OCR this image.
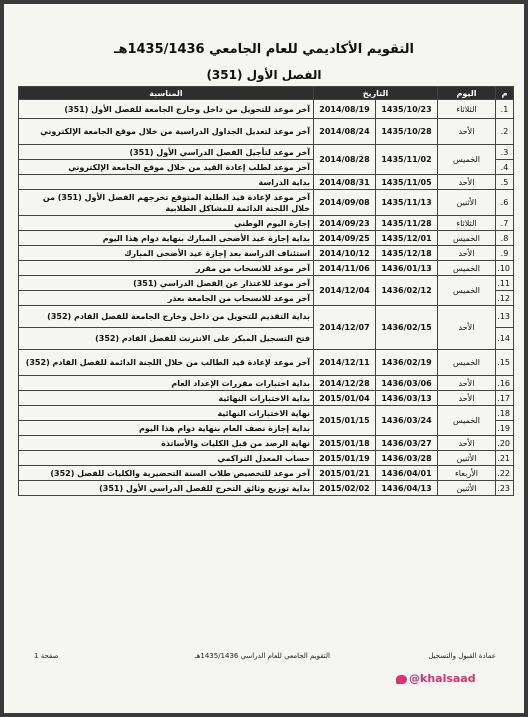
التقويم الأكاديمي للعام الجامعي 1435/1436هـ
الفصل الأول (351)
م	اليوم	التاريخ		المناسبة
1.	الثلاثاء	1435/10/23	2014/08/19	آخر موعد للتحويل من داخل وخارج الجامعة للفصل الأول (351)
2.	الأحد	1435/10/28	2014/08/24	آخر موعد لتعديل الجداول الدراسية من خلال موقع الجامعة الإلكتروني
3.	الخميس	1435/11/02	2014/08/28	آخر موعد لتأجيل الفصل الدراسي الأول (351)
4.				آخر موعد لطلب إعادة القيد من خلال موقع الجامعة الإلكتروني
5.	الأحد	1435/11/05	2014/08/31	بداية الدراسة
6.	الأثنين	1435/11/13	2014/09/08	آخر موعد لإعادة قيد الطلبة المتوقع تخرجهم الفصل الأول (351) من خلال اللجنة الدائمة للمشاكل الطلابية
7.	الثلاثاء	1435/11/28	2014/09/23	إجازة اليوم الوطني
8.	الخميس	1435/12/01	2014/09/25	بداية إجازة عيد الأضحى المبارك بنهاية دوام هذا اليوم
9.	الأحد	1435/12/18	2014/10/12	استئناف الدراسة بعد إجازة عيد الأضحى المبارك
10.	الخميس	1436/01/13	2014/11/06	آخر موعد للانسحاب من مقرر
11.	الخميس	1436/02/12	2014/12/04	آخر موعد للاعتذار عن الفصل الدراسي (351)
12.				آخر موعد للانسحاب من الجامعة بعذر
13.	الأحد	1436/02/15	2014/12/07	بداية التقديم للتحويل من داخل وخارج الجامعة للفصل القادم (352)
14.				فتح التسجيل المبكر على الانترنت للفصل القادم (352)
15.	الخميس	1436/02/19	2014/12/11	آخر موعد لإعادة قيد الطالب من خلال اللجنة الدائمة للفصل القادم (352)
16.	الأحد	1436/03/06	2014/12/28	بداية اختبارات مقررات الإعداد العام
17.	الأحد	1436/03/13	2015/01/04	بداية الاختبارات النهائية
18.	الخميس	1436/03/24	2015/01/15	نهاية الاختبارات النهائية
19.				بداية إجازة نصف العام بنهاية دوام هذا اليوم
20.	الأحد	1436/03/27	2015/01/18	نهاية الرصد من قبل الكليات والأساتذة
21.	الأثنين	1436/03/28	2015/01/19	حساب المعدل التراكمي
22.	الأربعاء	1436/04/01	2015/01/21	آخر موعد للتخصيص طلاب السنة التحضيرية والكليات للفصل (352)
23.	الأثنين	1436/04/13	2015/02/02	بداية توزيع وثائق التخرج للفصل الدراسي الأول (351)
عمادة القبول والتسجيل
التقويم الجامعي للعام الدراسي 1435/1436هـ
صفحة 1
@khalsaad
